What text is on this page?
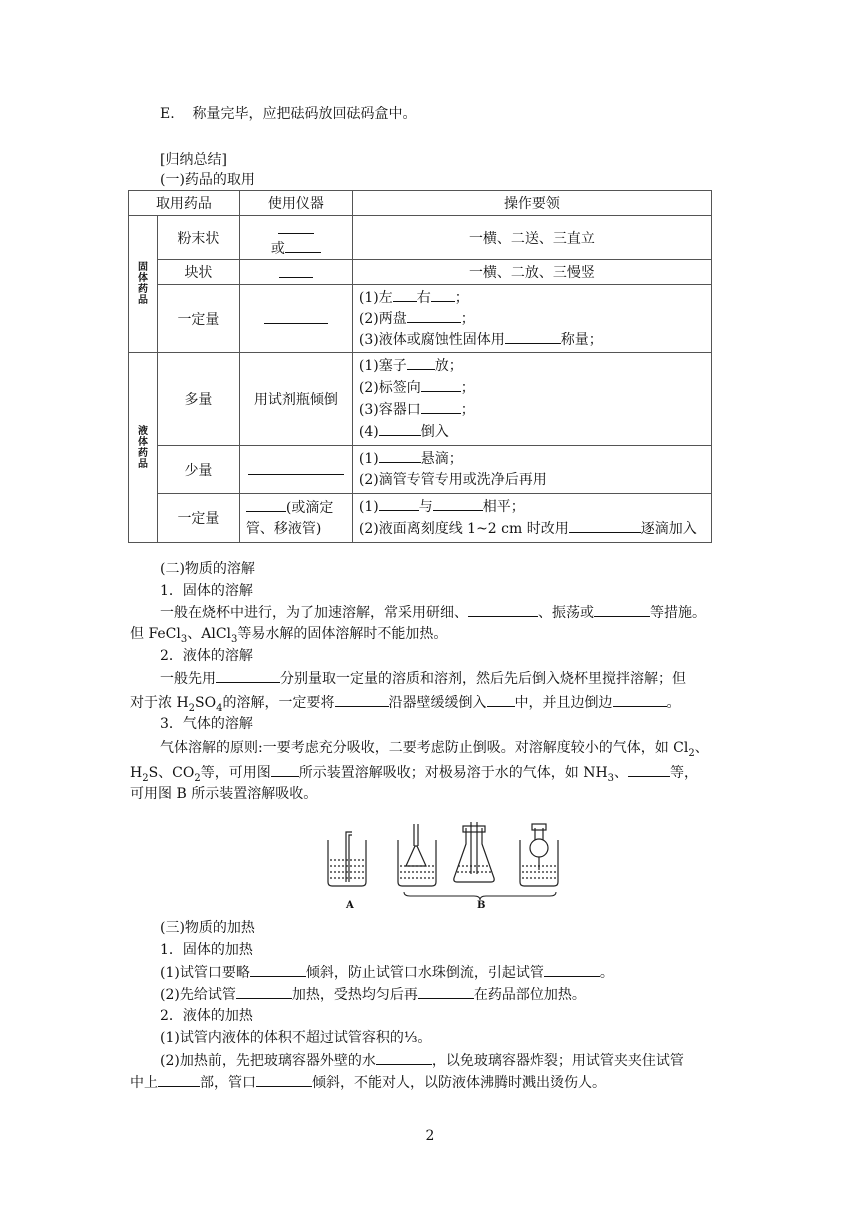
E. 称量完毕，应把砝码放回砝码盒中。
[归纳总结]
(一)药品的取用
取用药品		使用仪器	操作要领

固体药品	粉末状	或	一横、二送、三直立
	块状		一横、二放、三慢竖
	一定量		(1)左 右 ；
(2)两盘 ；
(3)液体或腐蚀性固体用 称量；

液体药品	多量	用试剂瓶倾倒	(1)塞子 放；
(2)标签向 ；
(3)容器口 ；
(4) 倒入
	少量		(1) 悬滴；
(2)滴管专管专用或洗净后再用
	一定量	(或滴定
管、移液管)	(1) 与 相平；
(2)液面离刻度线 1~2 cm 时改用 逐滴加入
(二)物质的溶解
1．固体的溶解
一般在烧杯中进行，为了加速溶解，常采用研细、	、振荡或	等措施。
但 FeCl$_3$、AlCl$_3$等易水解的固体溶解时不能加热。
2．液体的溶解
一般先用	分别量取一定量的溶质和溶剂，然后先后倒入烧杯里搅拌溶解；但
对于浓 $H_2SO_4$的溶解，一定要将	沿器壁缓缓倒入 中，并且边倒边	。
3．气体的溶解
气体溶解的原则:一要考虑充分吸收，二要考虑防止倒吸。对溶解度较小的气体，如 $Cl_2$、
$H_2S$、$CO_2$等，可用图 所示装置溶解吸收；对极易溶于水的气体，如 $NH_3$、	等，
可用图 B 所示装置溶解吸收。
A	B
(三)物质的加热
1．固体的加热
(1)试管口要略	倾斜，防止试管口水珠倒流，引起试管	。
(2)先给试管	加热，受热均匀后再	在药品部位加热。
2．液体的加热
(1)试管内液体的体积不超过试管容积的⅓。
(2)加热前，先把玻璃容器外壁的水	，以免玻璃容器炸裂；用试管夹夹住试管
中上	部，管口	倾斜，不能对人，以防液体沸腾时溅出烫伤人。
2
